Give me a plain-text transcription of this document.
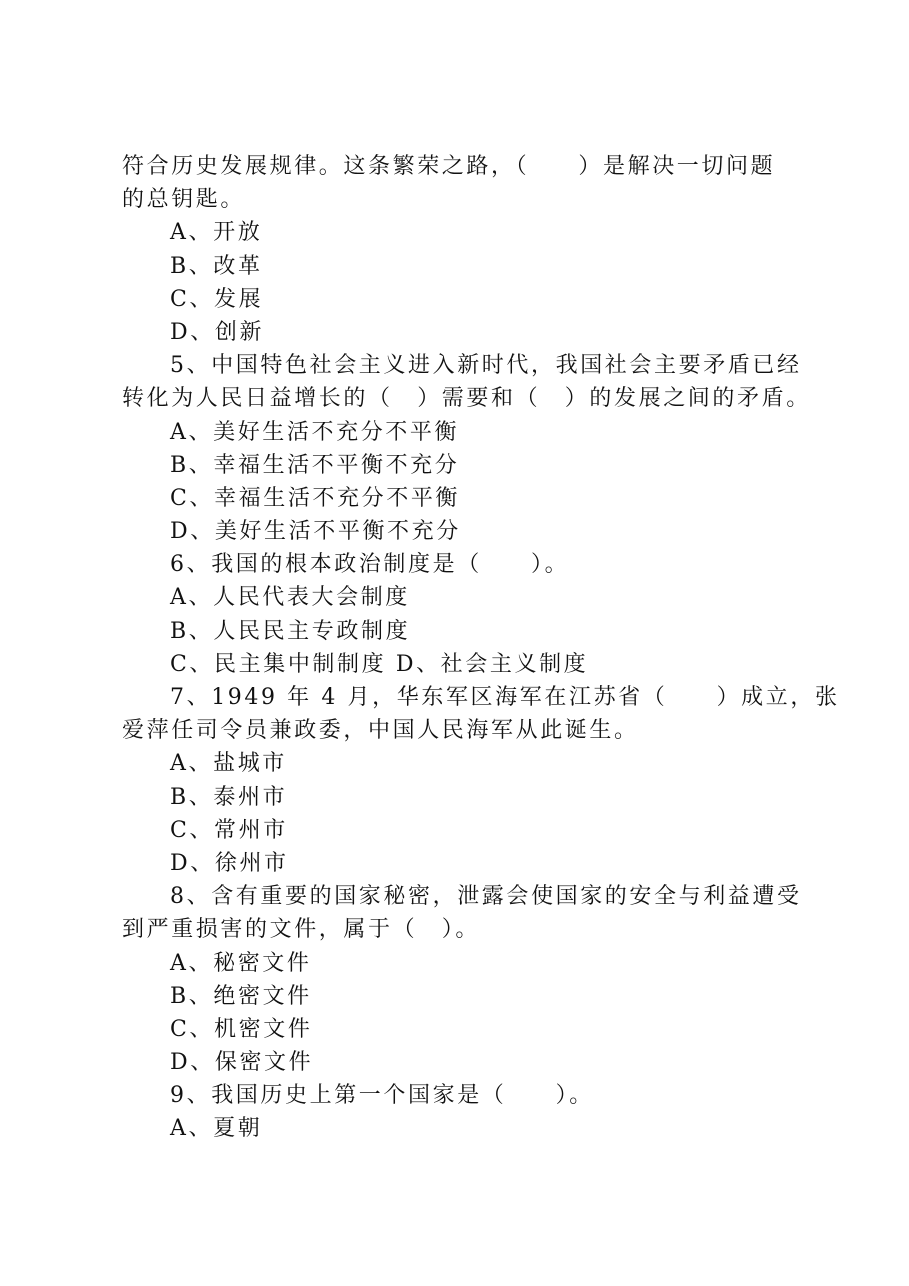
符合历史发展规律。这条繁荣之路，（　　）是解决一切问题
的总钥匙。
A、开放
B、改革
C、发展
D、创新
5、中国特色社会主义进入新时代，我国社会主要矛盾已经
转化为人民日益增长的（　）需要和（　）的发展之间的矛盾。
A、美好生活不充分不平衡
B、幸福生活不平衡不充分
C、幸福生活不充分不平衡
D、美好生活不平衡不充分
6、我国的根本政治制度是（　　）。
A、人民代表大会制度
B、人民民主专政制度
C、民主集中制制度 D、社会主义制度
7、1949 年 4 月，华东军区海军在江苏省（　　）成立，张
爱萍任司令员兼政委，中国人民海军从此诞生。
A、盐城市
B、泰州市
C、常州市
D、徐州市
8、含有重要的国家秘密，泄露会使国家的安全与利益遭受
到严重损害的文件，属于（　）。
A、秘密文件
B、绝密文件
C、机密文件
D、保密文件
9、我国历史上第一个国家是（　　）。
A、夏朝
